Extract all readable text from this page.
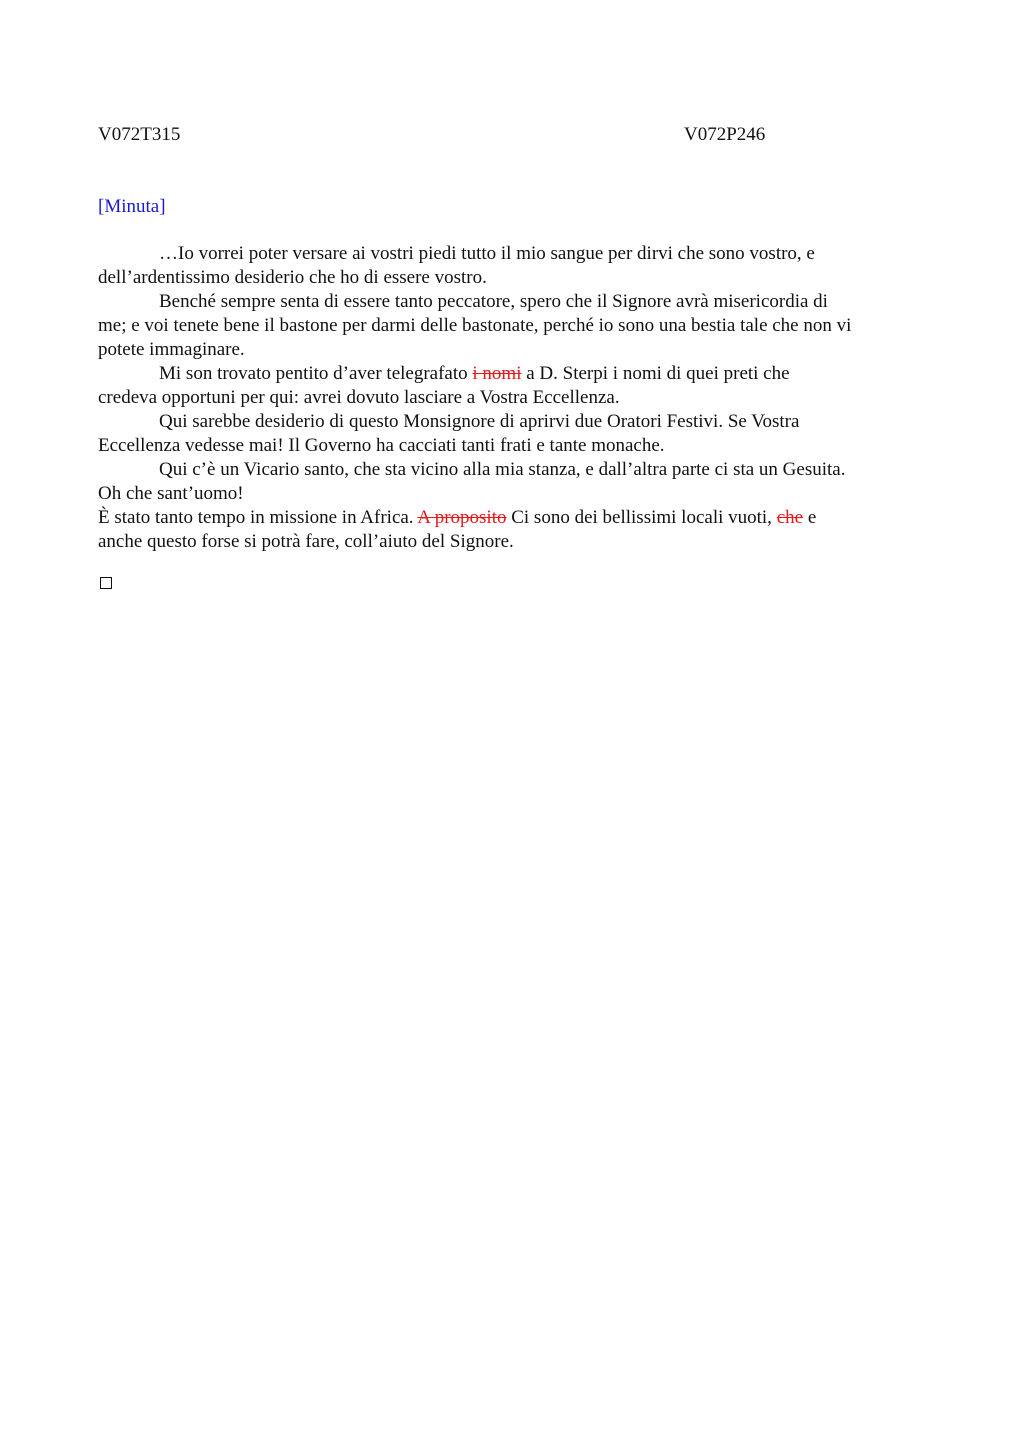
V072T315	V072P246
[Minuta]

…Io vorrei poter versare ai vostri piedi tutto il mio sangue per dirvi che sono vostro, e dell’ardentissimo desiderio che ho di essere vostro.

Benché sempre senta di essere tanto peccatore, spero che il Signore avrà misericordia di me; e voi tenete bene il bastone per darmi delle bastonate, perché io sono una bestia tale che non vi potete immaginare.

Mi son trovato pentito d’aver telegrafato i nomi a D. Sterpi i nomi di quei preti che credeva opportuni per qui: avrei dovuto lasciare a Vostra Eccellenza.

Qui sarebbe desiderio di questo Monsignore di aprirvi due Oratori Festivi. Se Vostra Eccellenza vedesse mai! Il Governo ha cacciati tanti frati e tante monache.

Qui c’è un Vicario santo, che sta vicino alla mia stanza, e dall’altra parte ci sta un Gesuita. Oh che sant’uomo!

È stato tanto tempo in missione in Africa. A proposito Ci sono dei bellissimi locali vuoti, che e anche questo forse si potrà fare, coll’aiuto del Signore.
